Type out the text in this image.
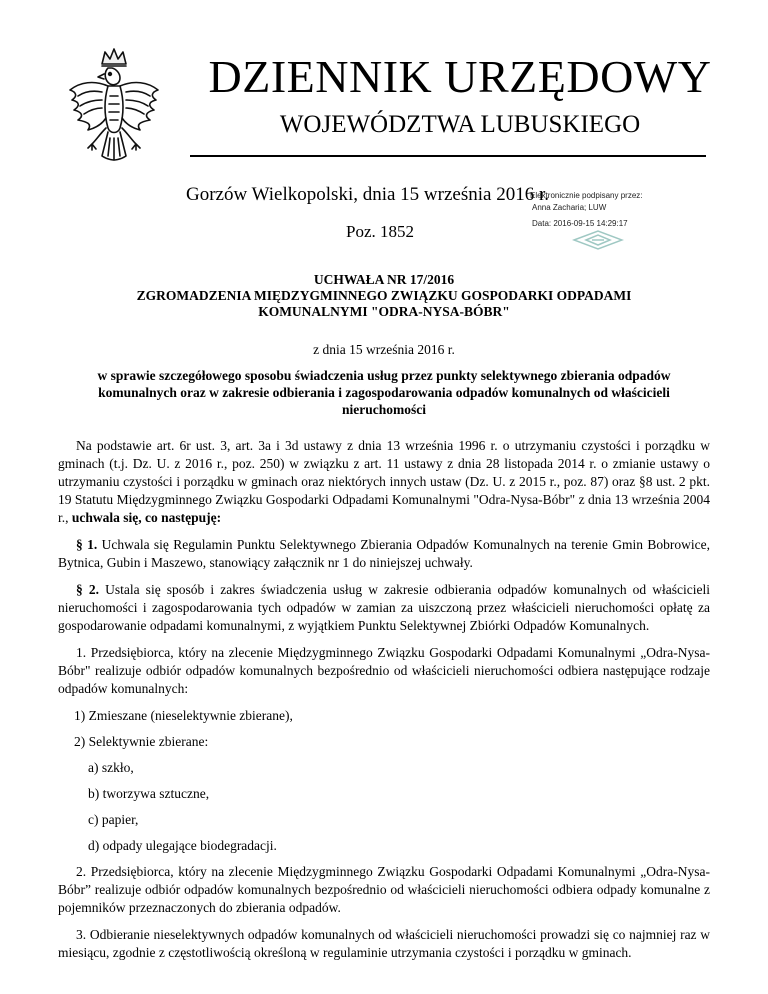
DZIENNIK URZĘDOWY
WOJEWÓDZTWA LUBUSKIEGO
Gorzów Wielkopolski, dnia 15 września 2016 r.
Poz. 1852
Elektronicznie podpisany przez:
Anna Zacharia; LUW
Data: 2016-09-15 14:29:17
UCHWAŁA NR 17/2016
ZGROMADZENIA MIĘDZYGMINNEGO ZWIĄZKU GOSPODARKI ODPADAMI
KOMUNALNYMI "ODRA-NYSA-BÓBR"
z dnia 15 września 2016 r.
w sprawie szczegółowego sposobu świadczenia usług przez punkty selektywnego zbierania odpadów komunalnych oraz w zakresie odbierania i zagospodarowania odpadów komunalnych od właścicieli nieruchomości

Na podstawie art. 6r ust. 3, art. 3a i 3d ustawy z dnia 13 września 1996 r. o utrzymaniu czystości i porządku w gminach (t.j. Dz. U. z 2016 r., poz. 250) w związku z art. 11 ustawy z dnia 28 listopada 2014 r. o zmianie ustawy o utrzymaniu czystości i porządku w gminach oraz niektórych innych ustaw (Dz. U. z 2015 r., poz. 87) oraz §8 ust. 2 pkt. 19 Statutu Międzygminnego Związku Gospodarki Odpadami Komunalnymi "Odra-Nysa-Bóbr" z dnia 13 września 2004 r., uchwala się, co następuję:

§ 1. Uchwala się Regulamin Punktu Selektywnego Zbierania Odpadów Komunalnych na terenie Gmin Bobrowice, Bytnica, Gubin i Maszewo, stanowiący załącznik nr 1 do niniejszej uchwały.

§ 2. Ustala się sposób i zakres świadczenia usług w zakresie odbierania odpadów komunalnych od właścicieli nieruchomości i zagospodarowania tych odpadów w zamian za uiszczoną przez właścicieli nieruchomości opłatę za gospodarowanie odpadami komunalnymi, z wyjątkiem Punktu Selektywnej Zbiórki Odpadów Komunalnych.

1. Przedsiębiorca, który na zlecenie Międzygminnego Związku Gospodarki Odpadami Komunalnymi „Odra-Nysa-Bóbr" realizuje odbiór odpadów komunalnych bezpośrednio od właścicieli nieruchomości odbiera następujące rodzaje odpadów komunalnych:

1) Zmieszane (nieselektywnie zbierane),

2) Selektywnie zbierane:

a) szkło,

b) tworzywa sztuczne,

c) papier,

d) odpady ulegające biodegradacji.

2. Przedsiębiorca, który na zlecenie Międzygminnego Związku Gospodarki Odpadami Komunalnymi „Odra-Nysa-Bóbr” realizuje odbiór odpadów komunalnych bezpośrednio od właścicieli nieruchomości odbiera odpady komunalne z pojemników przeznaczonych do zbierania odpadów.

3. Odbieranie nieselektywnych odpadów komunalnych od właścicieli nieruchomości prowadzi się co najmniej raz w miesiącu, zgodnie z częstotliwością określoną w regulaminie utrzymania czystości i porządku w gminach.
